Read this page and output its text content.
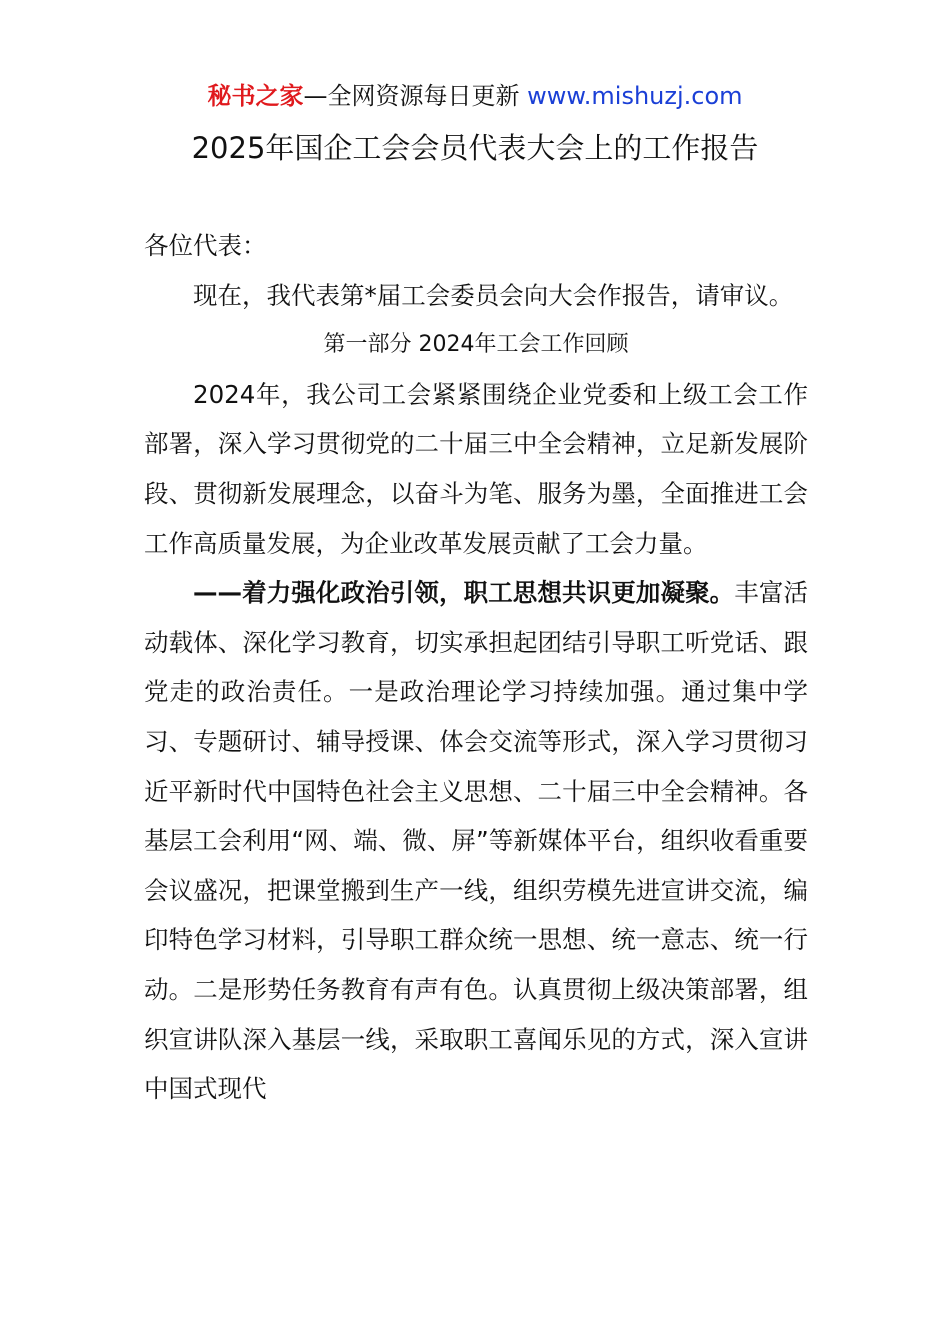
秘书之家—全网资源每日更新 www.mishuzj.com
2025年国企工会会员代表大会上的工作报告

各位代表：

现在，我代表第*届工会委员会向大会作报告，请审议。

第一部分 2024年工会工作回顾

2024年，我公司工会紧紧围绕企业党委和上级工会工作部署，深入学习贯彻党的二十届三中全会精神，立足新发展阶段、贯彻新发展理念，以奋斗为笔、服务为墨，全面推进工会工作高质量发展，为企业改革发展贡献了工会力量。

——着力强化政治引领，职工思想共识更加凝聚。丰富活动载体、深化学习教育，切实承担起团结引导职工听党话、跟党走的政治责任。一是政治理论学习持续加强。通过集中学习、专题研讨、辅导授课、体会交流等形式，深入学习贯彻习近平新时代中国特色社会主义思想、二十届三中全会精神。各基层工会利用“网、端、微、屏”等新媒体平台，组织收看重要会议盛况，把课堂搬到生产一线，组织劳模先进宣讲交流，编印特色学习材料，引导职工群众统一思想、统一意志、统一行动。二是形势任务教育有声有色。认真贯彻上级决策部署，组织宣讲队深入基层一线，采取职工喜闻乐见的方式，深入宣讲中国式现代
